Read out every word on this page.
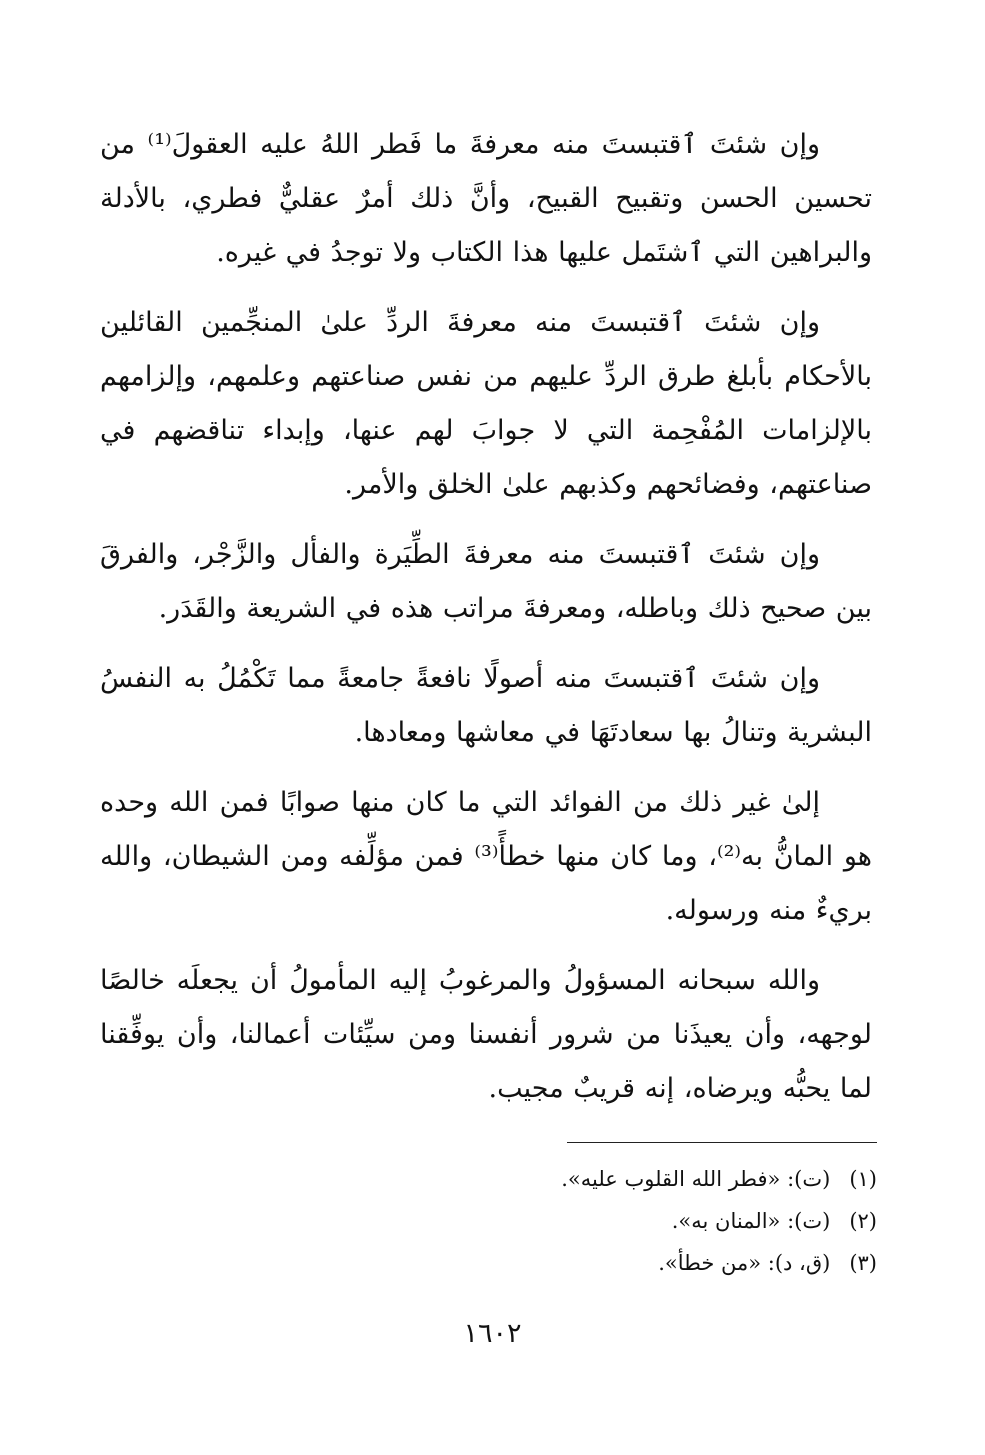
وإن شئتَ ٱقتبستَ منه معرفةَ ما فَطر اللهُ عليه العقولَ⁽¹⁾ من تحسين الحسن وتقبيح القبيح، وأنَّ ذلك أمرٌ عقليٌّ فطري، بالأدلة والبراهين التي ٱشتَمل عليها هذا الكتاب ولا توجدُ في غيره.

وإن شئتَ ٱقتبستَ منه معرفةَ الردِّ علىٰ المنجِّمين القائلين بالأحكام بأبلغ طرق الردِّ عليهم من نفس صناعتهم وعلمهم، وإلزامهم بالإلزامات المُفْحِمة التي لا جوابَ لهم عنها، وإبداء تناقضهم في صناعتهم، وفضائحهم وكذبهم علىٰ الخلق والأمر.

وإن شئتَ ٱقتبستَ منه معرفةَ الطِّيَرة والفأل والزَّجْر، والفرقَ بين صحيح ذلك وباطله، ومعرفةَ مراتب هذه في الشريعة والقَدَر.

وإن شئتَ ٱقتبستَ منه أصولًا نافعةً جامعةً مما تَكْمُلُ به النفسُ البشرية وتنالُ بها سعادتَهَا في معاشها ومعادها.

إلىٰ غير ذلك من الفوائد التي ما كان منها صوابًا فمن الله وحده هو المانُّ به⁽²⁾، وما كان منها خطأً⁽³⁾ فمن مؤلِّفه ومن الشيطان، والله بريءٌ منه ورسوله.

والله سبحانه المسؤولُ والمرغوبُ إليه المأمولُ أن يجعلَه خالصًا لوجهه، وأن يعيذَنا من شرور أنفسنا ومن سيِّئات أعمالنا، وأن يوفِّقنا لما يحبُّه ويرضاه، إنه قريبٌ مجيب.

(١) (ت): «فطر الله القلوب عليه».
(٢) (ت): «المنان به».
(٣) (ق، د): «من خطأ».
١٦٠٢
